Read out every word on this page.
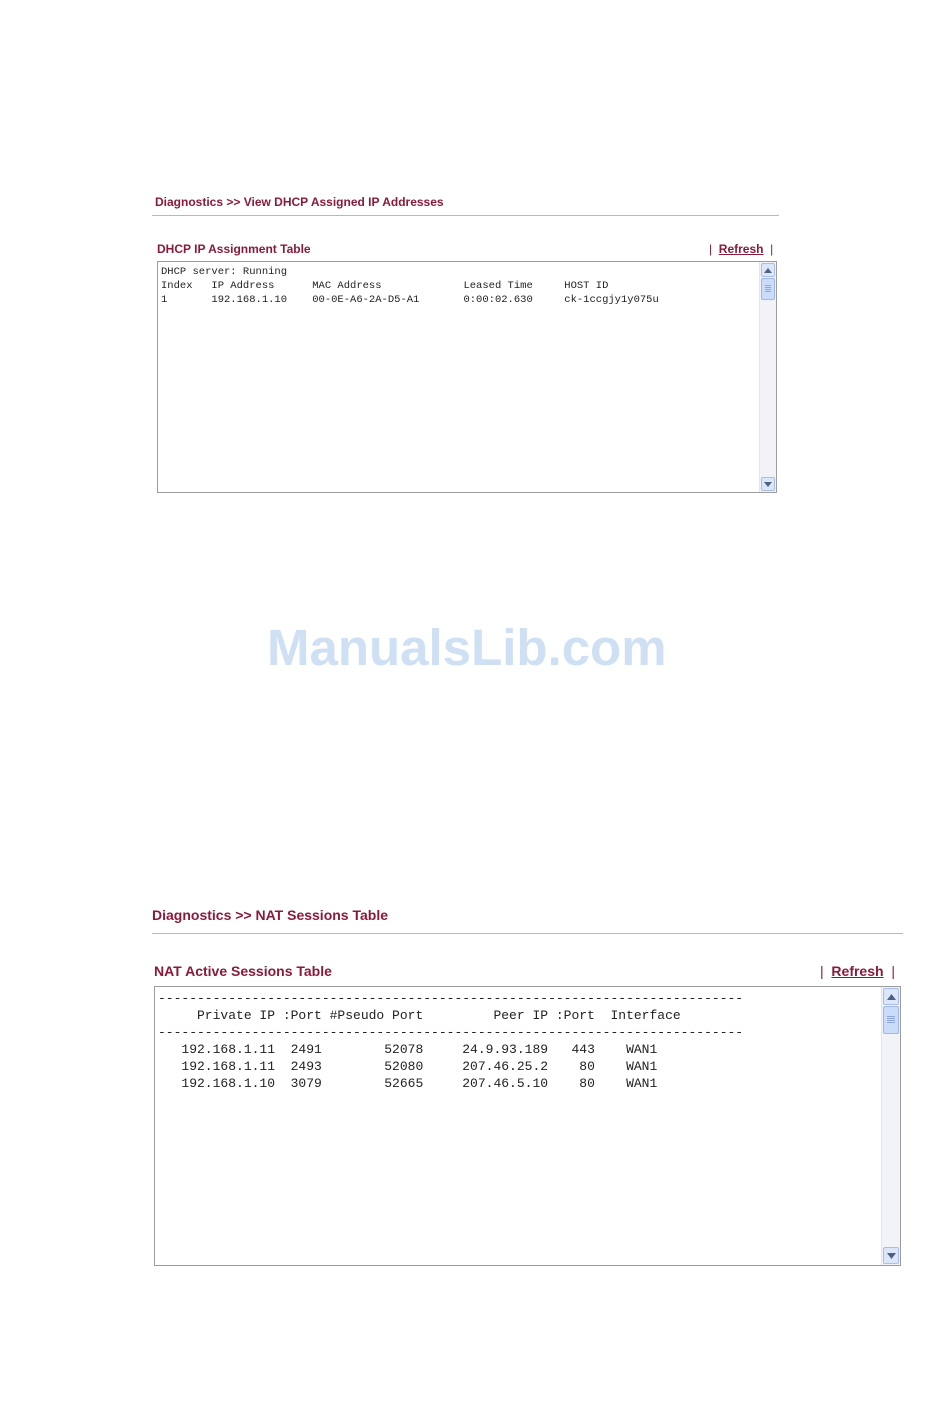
Diagnostics >> View DHCP Assigned IP Addresses
DHCP IP Assignment Table	|  Refresh  |
DHCP server: Running
Index   IP Address      MAC Address             Leased Time     HOST ID
1       192.168.1.10    00-0E-A6-2A-D5-A1       0:00:02.630     ck-1ccgjy1y075u
ManualsLib.com
Diagnostics >> NAT Sessions Table
NAT Active Sessions Table	|  Refresh  |
---------------------------------------------------------------------------
Private IP :Port #Pseudo Port         Peer IP :Port  Interface
---------------------------------------------------------------------------
192.168.1.11  2491        52078     24.9.93.189   443    WAN1
192.168.1.11  2493        52080     207.46.25.2    80    WAN1
192.168.1.10  3079        52665     207.46.5.10    80    WAN1
